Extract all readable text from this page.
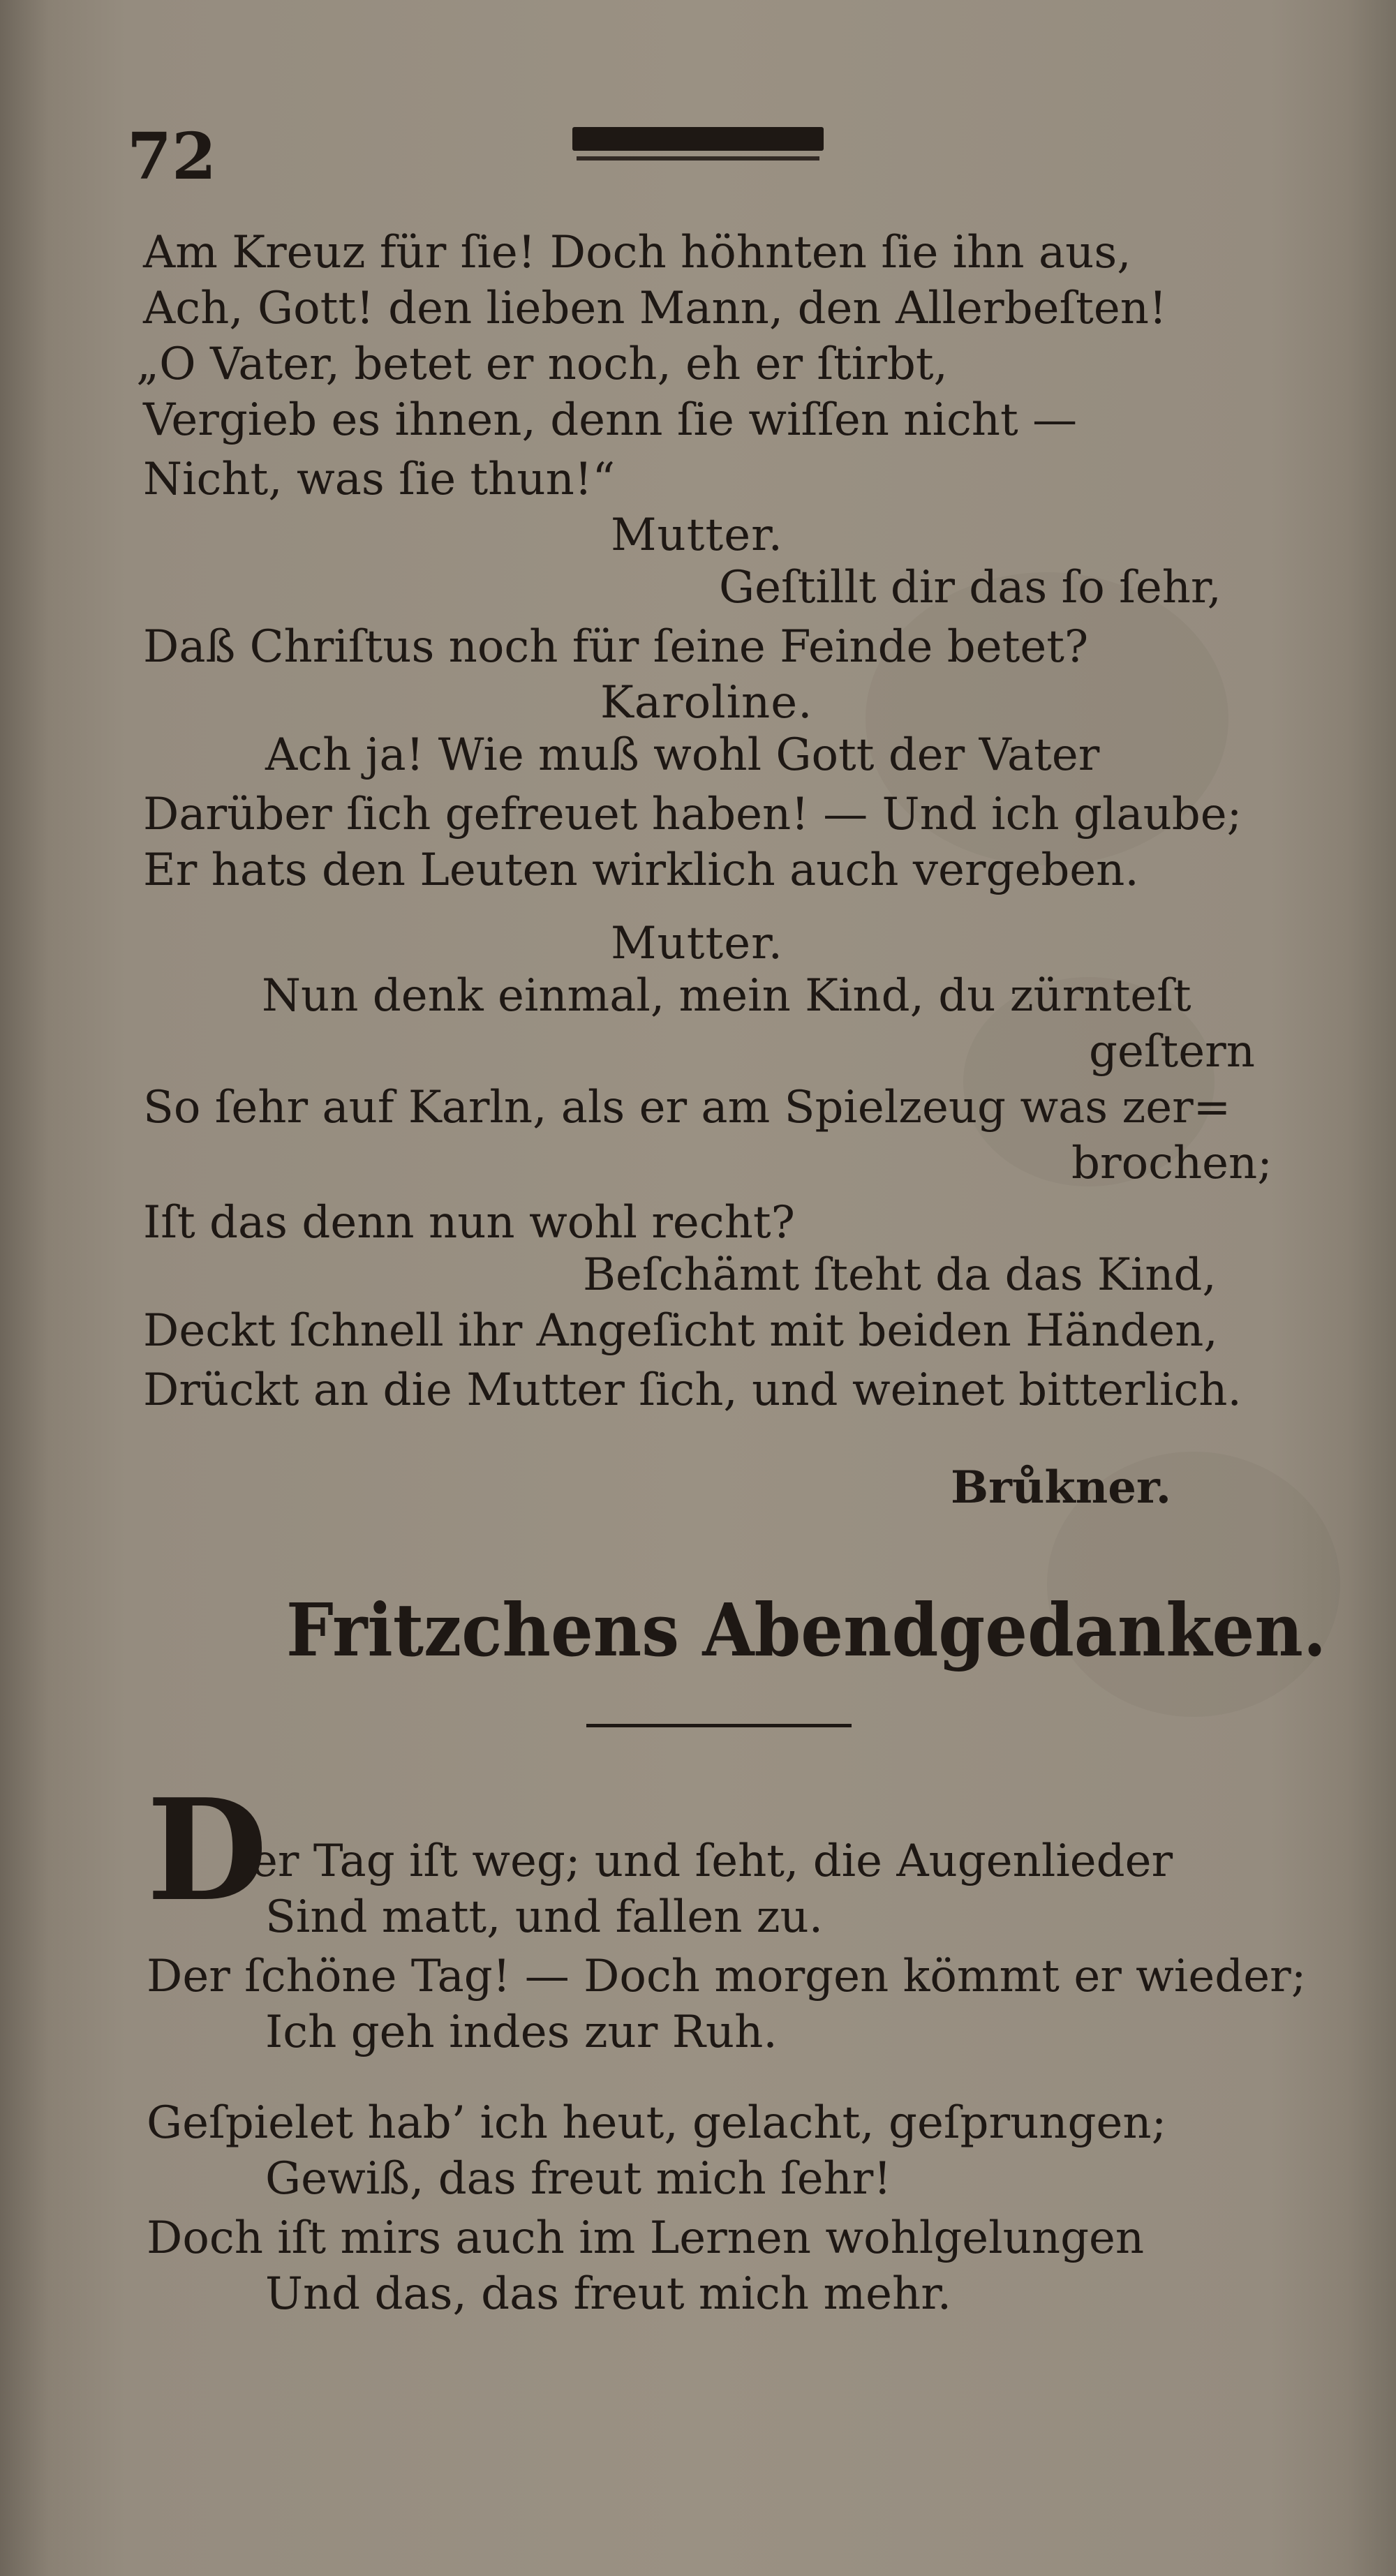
72
Am Kreuz für ſie! Doch höhnten ſie ihn aus,
Ach, Gott! den lieben Mann, den Allerbeſten!
„O Vater, betet er noch, eh er ſtirbt,
Vergieb es ihnen, denn ſie wiſſen nicht —
Nicht, was ſie thun!“
Mutter.
Geſtillt dir das ſo ſehr,
Daß Chriſtus noch für ſeine Feinde betet?
Karoline.
Ach ja! Wie muß wohl Gott der Vater
Darüber ſich gefreuet haben! — Und ich glaube;
Er hats den Leuten wirklich auch vergeben.
Mutter.
Nun denk einmal, mein Kind, du zürnteſt
geſtern
So ſehr auf Karln, als er am Spielzeug was zer=
brochen;
Iſt das denn nun wohl recht?
Beſchämt ſteht da das Kind,
Deckt ſchnell ihr Angeſicht mit beiden Händen,
Drückt an die Mutter ſich, und weinet bitterlich.
Brůkner.
Fritzchens Abendgedanken.
D
er Tag iſt weg; und ſeht, die Augenlieder
Sind matt, und fallen zu.
Der ſchöne Tag! — Doch morgen kömmt er wieder;
Ich geh indes zur Ruh.
Geſpielet hab’ ich heut, gelacht, geſprungen;
Gewiß, das freut mich ſehr!
Doch iſt mirs auch im Lernen wohlgelungen
Und das, das freut mich mehr.
